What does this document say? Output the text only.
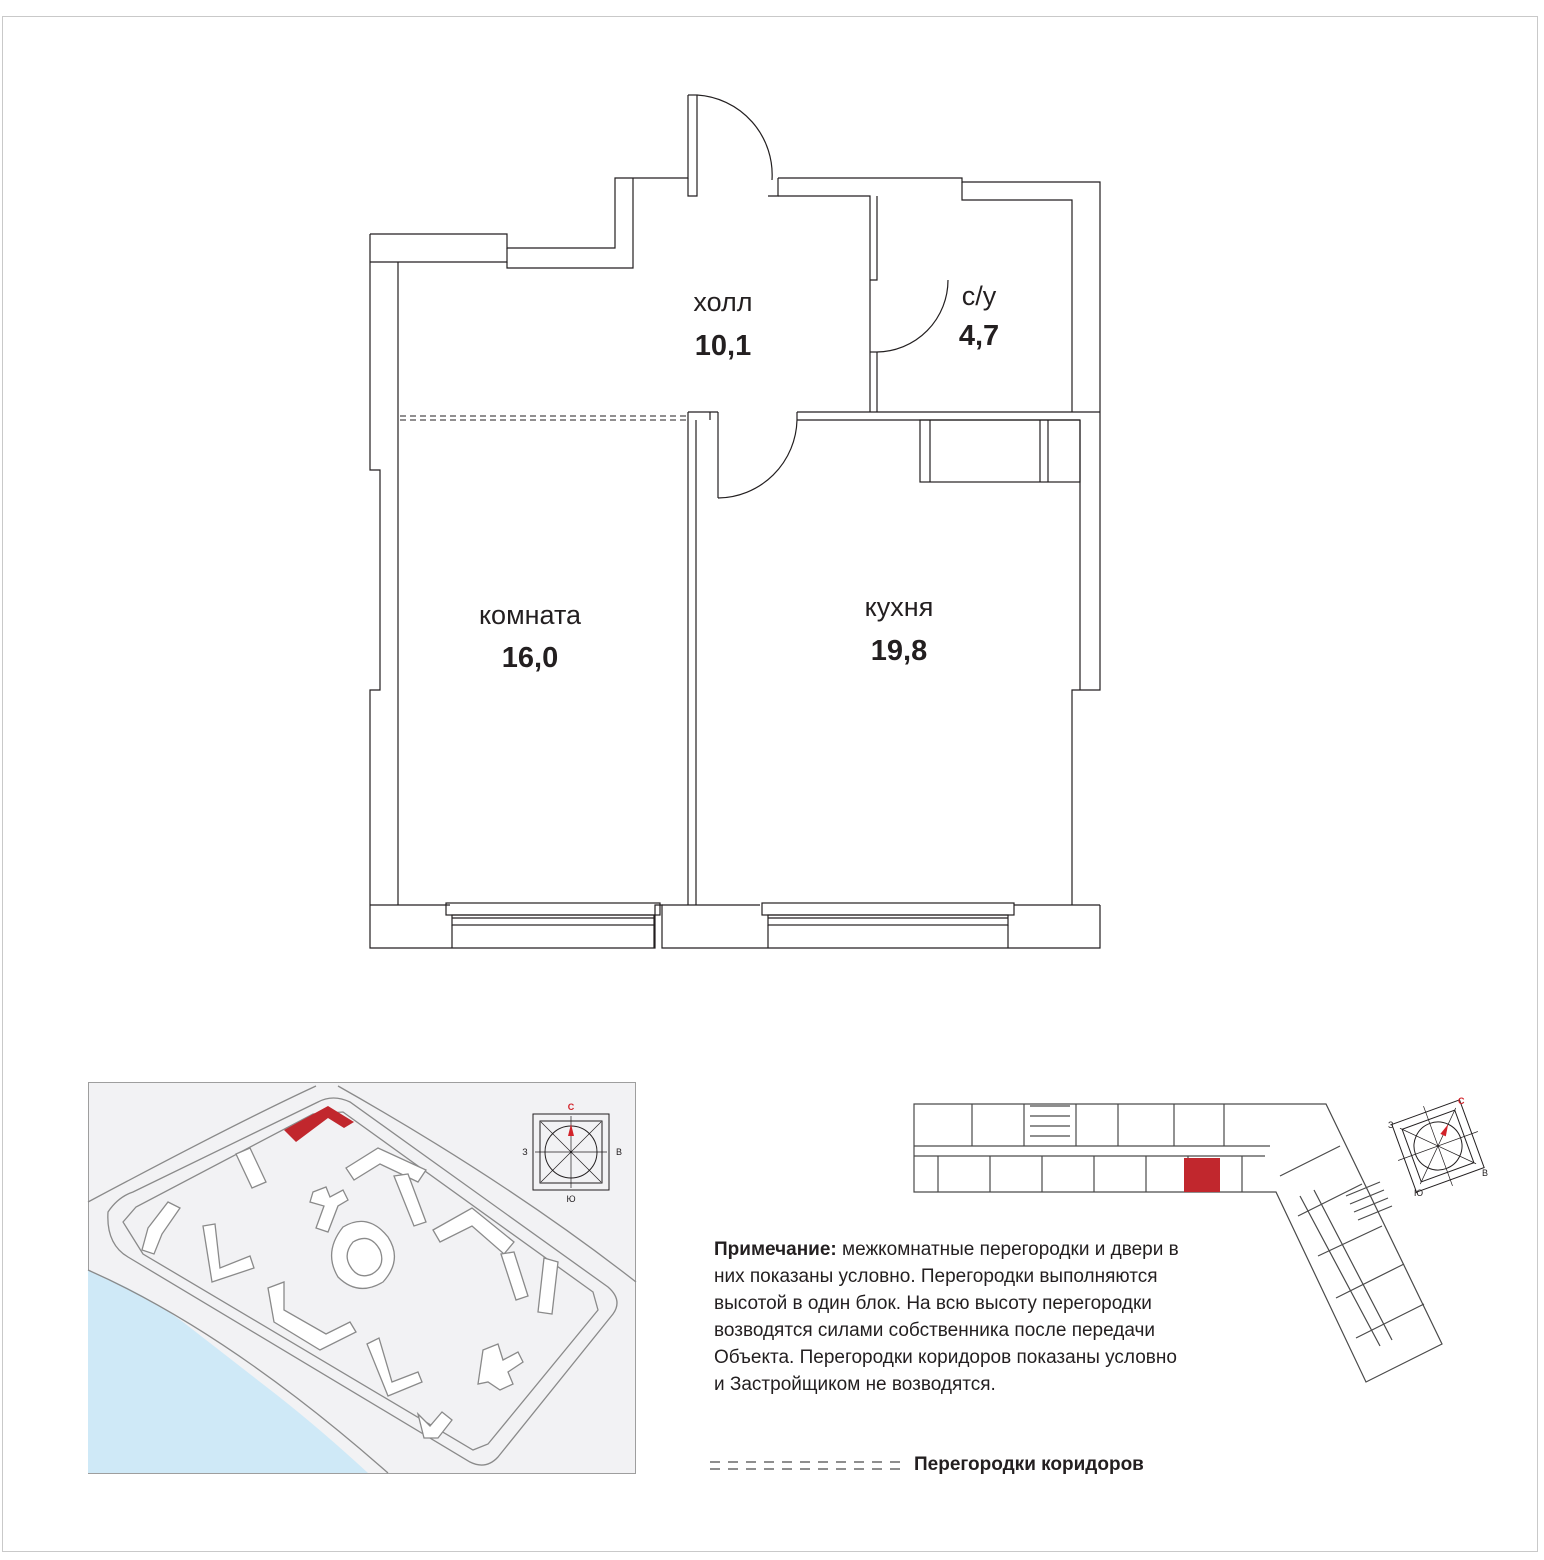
холл
10,1
с/у
4,7
комната
16,0
кухня
19,8
С
Ю
З	В
С
Ю
З
В
Примечание: межкомнатные перегородки и двери в них показаны условно. Перегородки выполняются высотой в один блок. На всю высоту перегородки возводятся силами собственника после передачи Объекта. Перегородки коридоров показаны условно и Застройщиком не возводятся.
Перегородки коридоров
